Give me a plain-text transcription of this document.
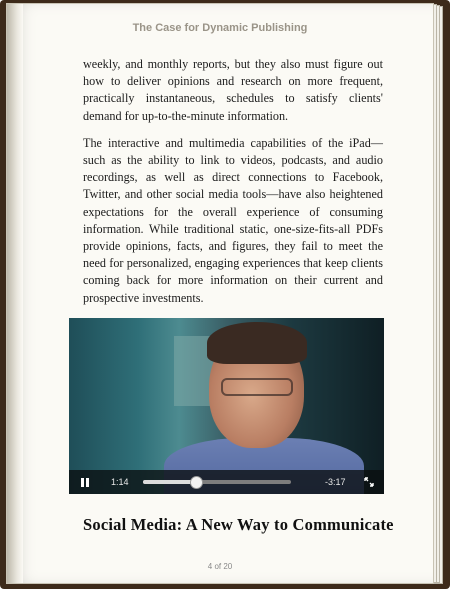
The Case for Dynamic Publishing

weekly, and monthly reports, but they also must figure out how to deliver opinions and research on more frequent, practically instantaneous, schedules to satisfy clients' demand for up-to-the-minute information.

The interactive and multimedia capabilities of the iPad—such as the ability to link to videos, podcasts, and audio recordings, as well as direct connections to Facebook, Twitter, and other social media tools—have also heightened expectations for the overall experience of consuming information. While traditional static, one-size-fits-all PDFs provide opinions, facts, and figures, they fail to meet the need for personalized, engaging experiences that keep clients coming back for more information on their current and prospective investments.

1:14	-3:17
Social Media: A New Way to Communicate
4 of 20
